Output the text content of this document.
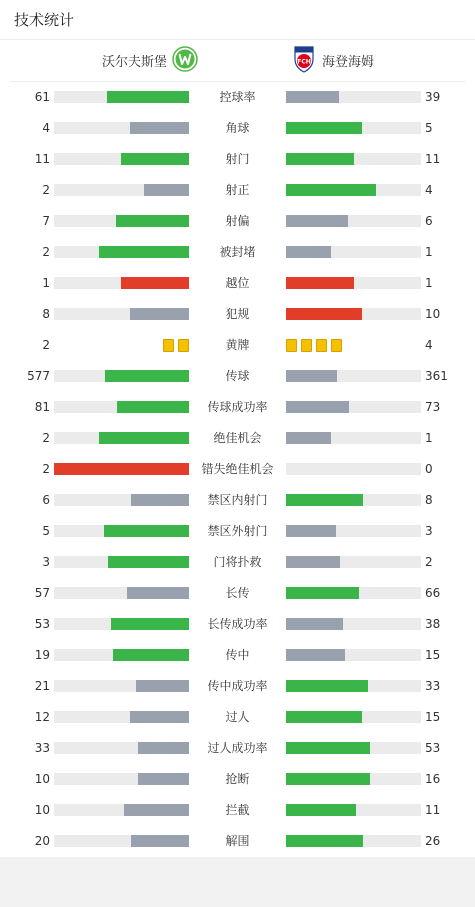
技术统计
沃尔夫斯堡	FCH 海登海姆
61	控球率	39
4	角球	5
11	射门	11
2	射正	4
7	射偏	6
2	被封堵	1
1	越位	1
8	犯规	10
2	黄牌	4
577	传球	361
81	传球成功率	73
2	绝佳机会	1
2	错失绝佳机会	0
6	禁区内射门	8
5	禁区外射门	3
3	门将扑救	2
57	长传	66
53	长传成功率	38
19	传中	15
21	传中成功率	33
12	过人	15
33	过人成功率	53
10	抢断	16
10	拦截	11
20	解围	26
